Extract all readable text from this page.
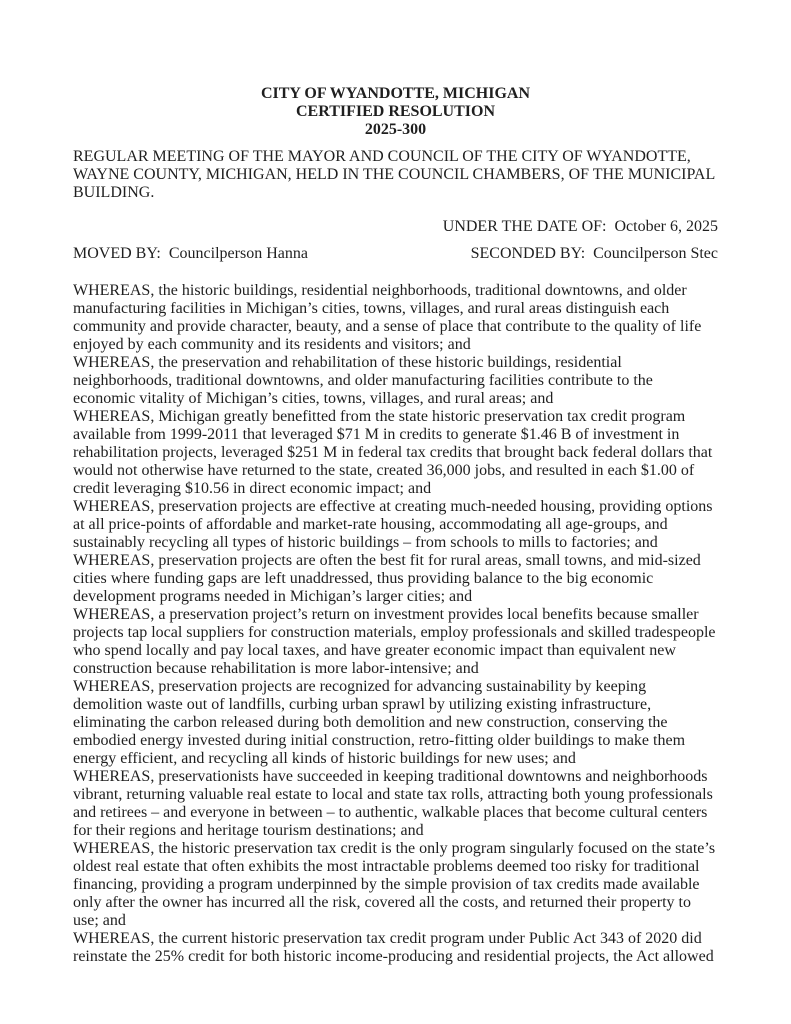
CITY OF WYANDOTTE, MICHIGAN
CERTIFIED RESOLUTION
2025-300

REGULAR MEETING OF THE MAYOR AND COUNCIL OF THE CITY OF WYANDOTTE, WAYNE COUNTY, MICHIGAN, HELD IN THE COUNCIL CHAMBERS, OF THE MUNICIPAL BUILDING.

UNDER THE DATE OF:  October 6, 2025
MOVED BY:  Councilperson Hanna	SECONDED BY:  Councilperson Stec

WHEREAS, the historic buildings, residential neighborhoods, traditional downtowns, and older manufacturing facilities in Michigan’s cities, towns, villages, and rural areas distinguish each community and provide character, beauty, and a sense of place that contribute to the quality of life enjoyed by each community and its residents and visitors; and

WHEREAS, the preservation and rehabilitation of these historic buildings, residential neighborhoods, traditional downtowns, and older manufacturing facilities contribute to the economic vitality of Michigan’s cities, towns, villages, and rural areas; and

WHEREAS, Michigan greatly benefitted from the state historic preservation tax credit program available from 1999-2011 that leveraged $71 M in credits to generate $1.46 B of investment in rehabilitation projects, leveraged $251 M in federal tax credits that brought back federal dollars that would not otherwise have returned to the state, created 36,000 jobs, and resulted in each $1.00 of credit leveraging $10.56 in direct economic impact; and

WHEREAS, preservation projects are effective at creating much-needed housing, providing options at all price-points of affordable and market-rate housing, accommodating all age-groups, and sustainably recycling all types of historic buildings – from schools to mills to factories; and

WHEREAS, preservation projects are often the best fit for rural areas, small towns, and mid-sized cities where funding gaps are left unaddressed, thus providing balance to the big economic development programs needed in Michigan’s larger cities; and

WHEREAS, a preservation project’s return on investment provides local benefits because smaller projects tap local suppliers for construction materials, employ professionals and skilled tradespeople who spend locally and pay local taxes, and have greater economic impact than equivalent new construction because rehabilitation is more labor-intensive; and

WHEREAS, preservation projects are recognized for advancing sustainability by keeping demolition waste out of landfills, curbing urban sprawl by utilizing existing infrastructure, eliminating the carbon released during both demolition and new construction, conserving the embodied energy invested during initial construction, retro-fitting older buildings to make them energy efficient, and recycling all kinds of historic buildings for new uses; and

WHEREAS, preservationists have succeeded in keeping traditional downtowns and neighborhoods vibrant, returning valuable real estate to local and state tax rolls, attracting both young professionals and retirees – and everyone in between – to authentic, walkable places that become cultural centers for their regions and heritage tourism destinations; and

WHEREAS, the historic preservation tax credit is the only program singularly focused on the state’s oldest real estate that often exhibits the most intractable problems deemed too risky for traditional financing, providing a program underpinned by the simple provision of tax credits made available only after the owner has incurred all the risk, covered all the costs, and returned their property to use; and

WHEREAS, the current historic preservation tax credit program under Public Act 343 of 2020 did reinstate the 25% credit for both historic income-producing and residential projects, the Act allowed
